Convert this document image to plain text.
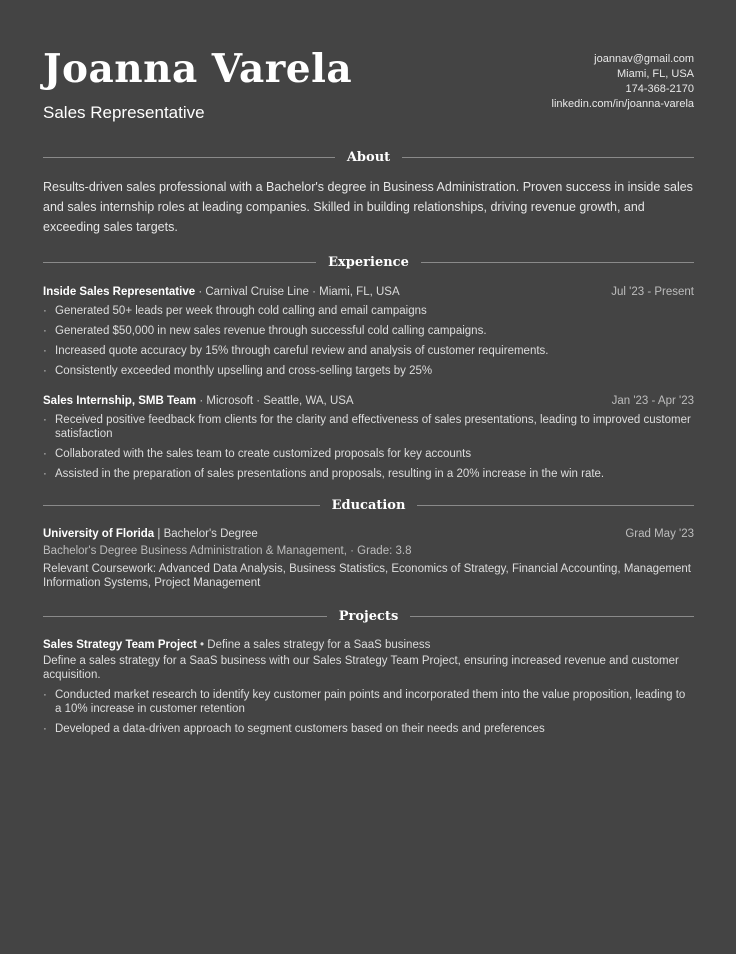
Joanna Varela
Sales Representative
joannav@gmail.com
Miami, FL, USA
174-368-2170
linkedin.com/in/joanna-varela
About

Results-driven sales professional with a Bachelor's degree in Business Administration. Proven success in inside sales and sales internship roles at leading companies. Skilled in building relationships, driving revenue growth, and exceeding sales targets.

Experience
Inside Sales Representative · Carnival Cruise Line · Miami, FL, USA	Jul '23 - Present
· Generated 50+ leads per week through cold calling and email campaigns
· Generated $50,000 in new sales revenue through successful cold calling campaigns.
· Increased quote accuracy by 15% through careful review and analysis of customer requirements.
· Consistently exceeded monthly upselling and cross-selling targets by 25%
Sales Internship, SMB Team · Microsoft · Seattle, WA, USA	Jan '23 - Apr '23
· Received positive feedback from clients for the clarity and effectiveness of sales presentations, leading to improved customer satisfaction
· Collaborated with the sales team to create customized proposals for key accounts
· Assisted in the preparation of sales presentations and proposals, resulting in a 20% increase in the win rate.
Education
University of Florida | Bachelor's Degree	Grad May '23
Bachelor's Degree Business Administration & Management, · Grade: 3.8
Relevant Coursework: Advanced Data Analysis, Business Statistics, Economics of Strategy, Financial Accounting, Management Information Systems, Project Management
Projects
Sales Strategy Team Project • Define a sales strategy for a SaaS business
Define a sales strategy for a SaaS business with our Sales Strategy Team Project, ensuring increased revenue and customer acquisition.
· Conducted market research to identify key customer pain points and incorporated them into the value proposition, leading to a 10% increase in customer retention
· Developed a data-driven approach to segment customers based on their needs and preferences
